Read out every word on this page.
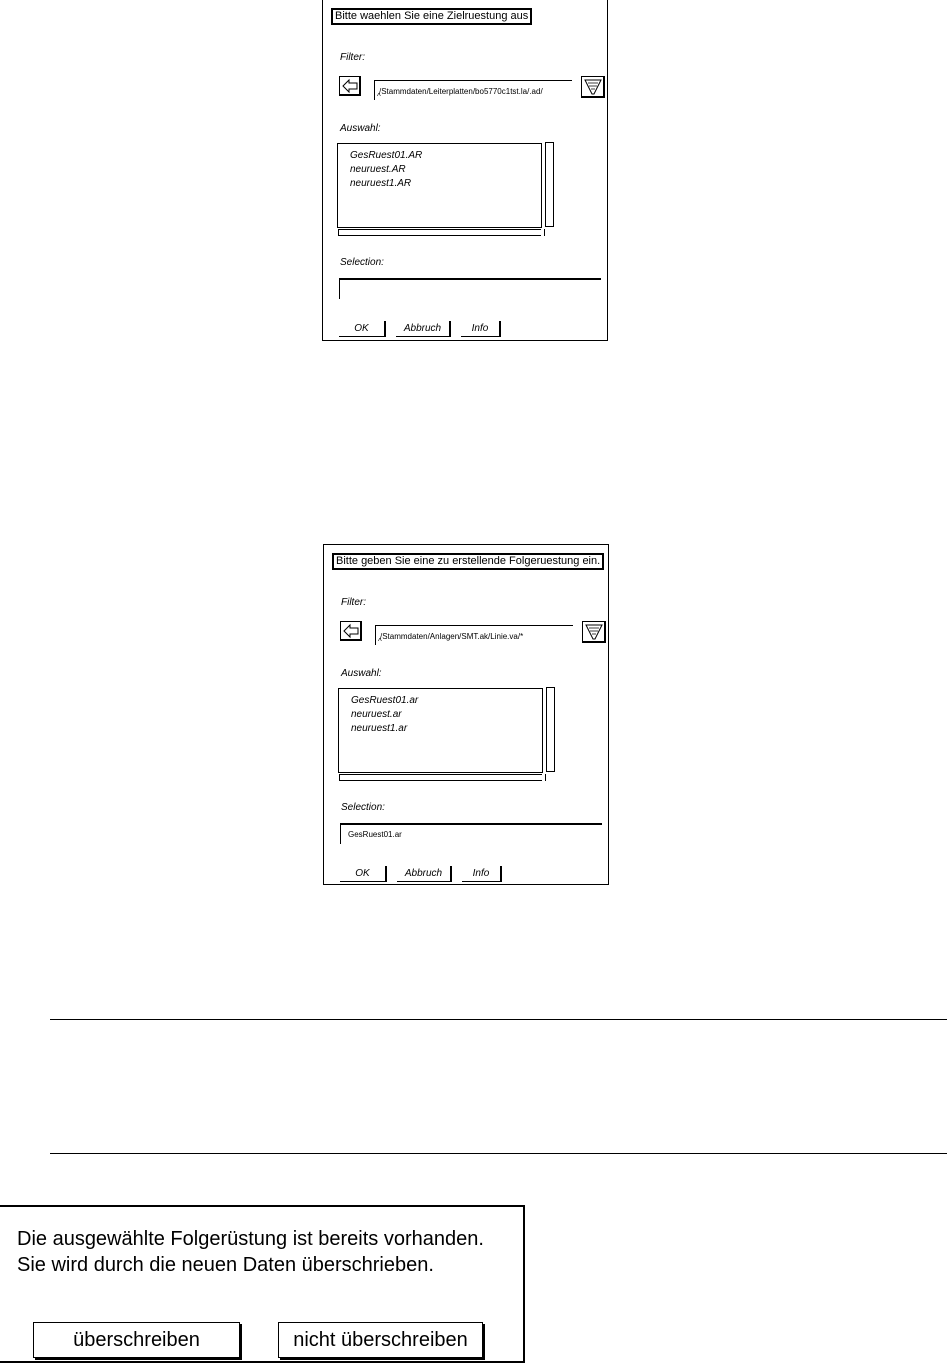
Bitte waehlen Sie eine Zielruestung aus
Filter:
^
/Stammdaten/Leiterplatten/bo5770c1tst.la/.ad/
Auswahl:
GesRuest01.AR
neuruest.AR
neuruest1.AR
Selection:
OK	Abbruch	Info
Bitte geben Sie eine zu erstellende Folgeruestung ein.
Filter:
^
/Stammdaten/Anlagen/SMT.ak/Linie.va/*
Auswahl:
GesRuest01.ar
neuruest.ar
neuruest1.ar
Selection:
GesRuest01.ar
OK	Abbruch	Info
Die ausgewählte Folgerüstung ist bereits vorhanden.
Sie wird durch die neuen Daten überschrieben.
überschreiben	nicht überschreiben
